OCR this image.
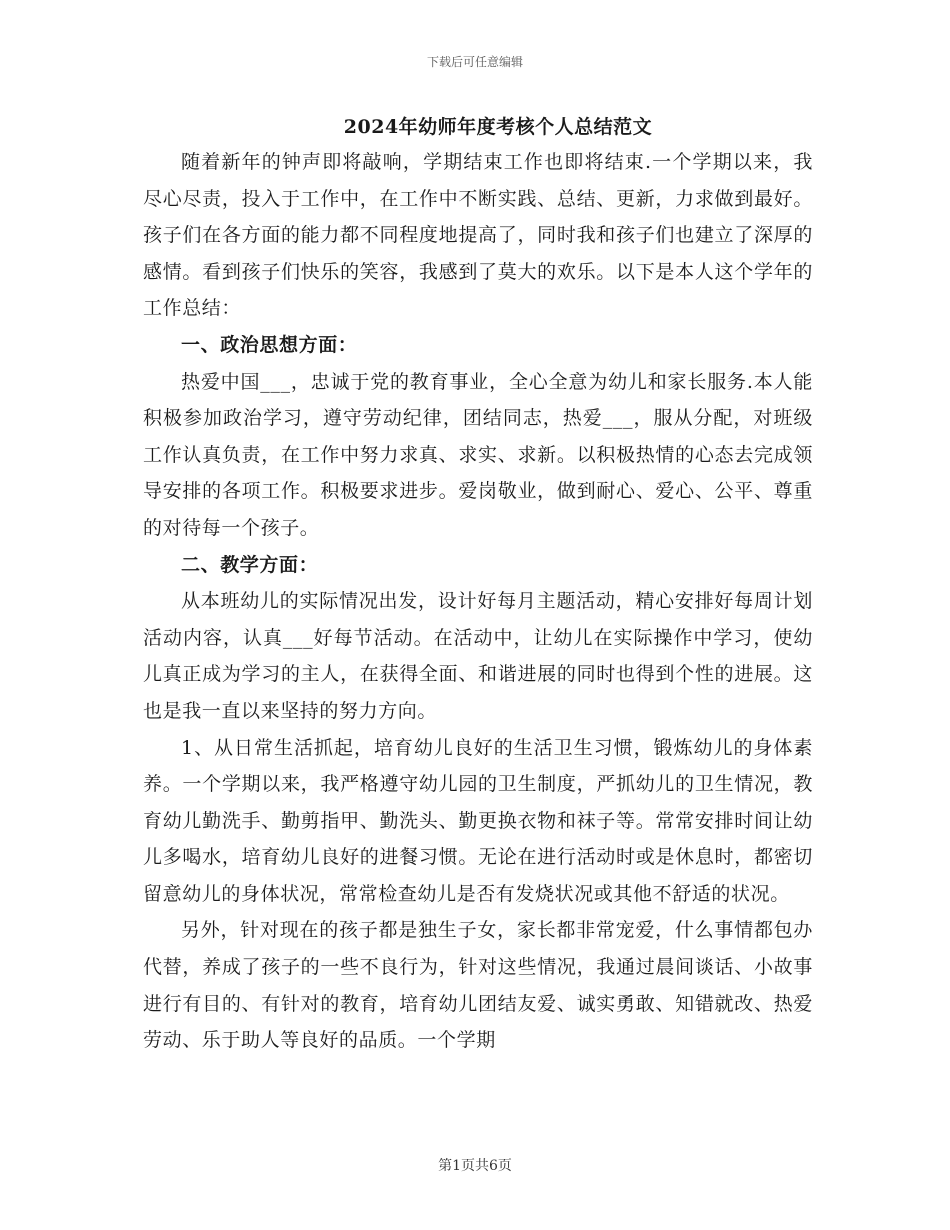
下载后可任意编辑
2024年幼师年度考核个人总结范文

随着新年的钟声即将敲响，学期结束工作也即将结束.一个学期以来，我尽心尽责，投入于工作中，在工作中不断实践、总结、更新，力求做到最好。孩子们在各方面的能力都不同程度地提高了，同时我和孩子们也建立了深厚的感情。看到孩子们快乐的笑容，我感到了莫大的欢乐。以下是本人这个学年的工作总结：

一、政治思想方面：

热爱中国___，忠诚于党的教育事业，全心全意为幼儿和家长服务.本人能积极参加政治学习，遵守劳动纪律，团结同志，热爱___，服从分配，对班级工作认真负责，在工作中努力求真、求实、求新。以积极热情的心态去完成领导安排的各项工作。积极要求进步。爱岗敬业，做到耐心、爱心、公平、尊重的对待每一个孩子。

二、教学方面：

从本班幼儿的实际情况出发，设计好每月主题活动，精心安排好每周计划活动内容，认真___好每节活动。在活动中，让幼儿在实际操作中学习，使幼儿真正成为学习的主人，在获得全面、和谐进展的同时也得到个性的进展。这也是我一直以来坚持的努力方向。

1、从日常生活抓起，培育幼儿良好的生活卫生习惯，锻炼幼儿的身体素养。一个学期以来，我严格遵守幼儿园的卫生制度，严抓幼儿的卫生情况，教育幼儿勤洗手、勤剪指甲、勤洗头、勤更换衣物和袜子等。常常安排时间让幼儿多喝水，培育幼儿良好的进餐习惯。无论在进行活动时或是休息时，都密切留意幼儿的身体状况，常常检查幼儿是否有发烧状况或其他不舒适的状况。

另外，针对现在的孩子都是独生子女，家长都非常宠爱，什么事情都包办代替，养成了孩子的一些不良行为，针对这些情况，我通过晨间谈话、小故事进行有目的、有针对的教育，培育幼儿团结友爱、诚实勇敢、知错就改、热爱劳动、乐于助人等良好的品质。一个学期

第1页共6页
